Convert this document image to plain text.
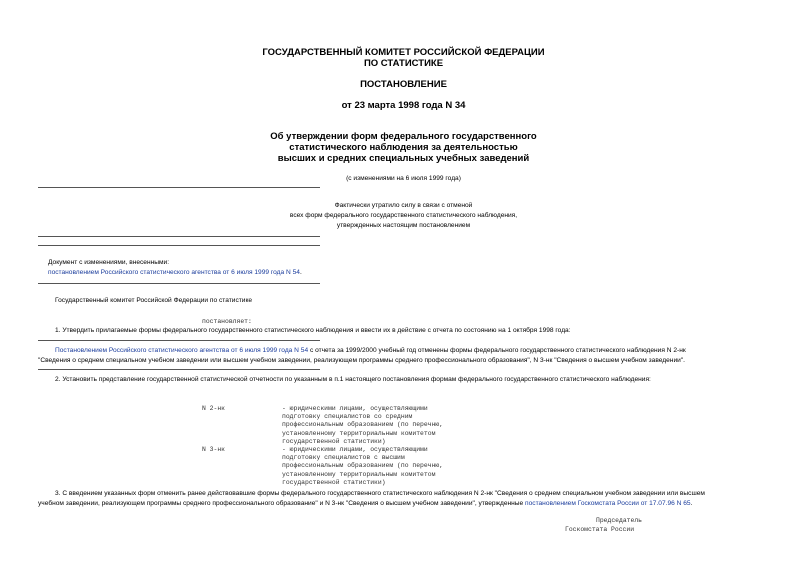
ГОСУДАРСТВЕННЫЙ КОМИТЕТ РОССИЙСКОЙ ФЕДЕРАЦИИ
ПО СТАТИСТИКЕ
ПОСТАНОВЛЕНИЕ
от 23 марта 1998 года N 34
Об утверждении форм федерального государственного
статистического наблюдения за деятельностью
высших и средних специальных учебных заведений
(с изменениями на 6 июля 1999 года)
Фактически утратило силу в связи с отменой
всех форм федерального государственного статистического наблюдения,
утвержденных настоящим постановлением
Документ с изменениями, внесенными:
постановлением Российского статистического агентства от 6 июля 1999 года N 54.
Государственный комитет Российской Федерации по статистике
постановляет:
1. Утвердить прилагаемые формы федерального государственного статистического наблюдения и ввести их в действие с отчета по состоянию на 1 октября 1998 года:
Постановлением Российского статистического агентства от 6 июля 1999 года N 54 с отчета за 1999/2000 учебный год отменены формы федерального государственного статистического наблюдения N 2-нк
"Сведения о среднем специальном учебном заведении или высшем учебном заведении, реализующем программы среднего профессионального образования", N 3-нк "Сведения о высшем учебном заведении".
2. Установить представление государственной статистической отчетности по указанным в п.1 настоящего постановления формам федерального государственного статистического наблюдения:
N 2-нк	- юридическими лицами, осуществляющими
подготовку специалистов со средним
профессиональным образованием (по перечню,
установленному территориальным комитетом
государственной статистики)
N 3-нк	- юридическими лицами, осуществляющими
подготовку специалистов с высшим
профессиональным образованием (по перечню,
установленному территориальным комитетом
государственной статистики)
3. С введением указанных форм отменить ранее действовавшие формы федерального государственного статистического наблюдения N 2-нк "Сведения о среднем специальном учебном заведении или высшем
учебном заведении, реализующем программы среднего профессионального образование" и N 3-нк "Сведения о высшем учебном заведении", утвержденные постановлением Госкомстата России от 17.07.96 N 65.
Председатель
Госкомстата России
